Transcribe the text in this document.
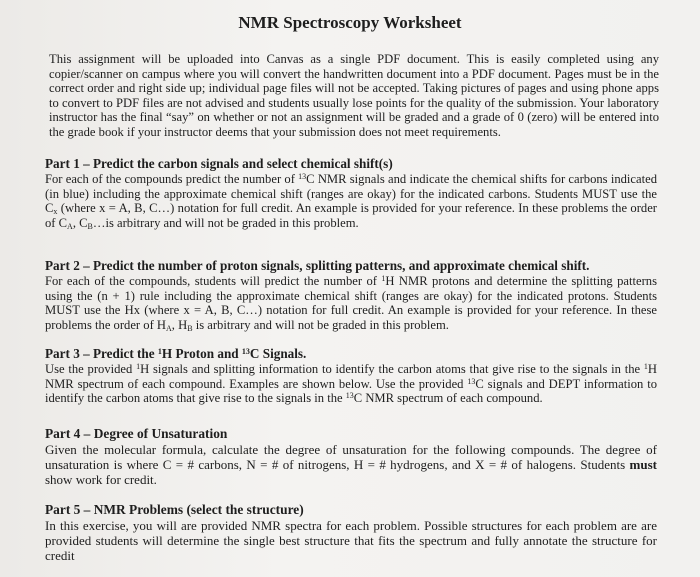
NMR Spectroscopy Worksheet

This assignment will be uploaded into Canvas as a single PDF document. This is easily completed using any copier/scanner on campus where you will convert the handwritten document into a PDF document. Pages must be in the correct order and right side up; individual page files will not be accepted. Taking pictures of pages and using phone apps to convert to PDF files are not advised and students usually lose points for the quality of the submission. Your laboratory instructor has the final “say” on whether or not an assignment will be graded and a grade of 0 (zero) will be entered into the grade book if your instructor deems that your submission does not meet requirements.

Part 1 – Predict the carbon signals and select chemical shift(s)

For each of the compounds predict the number of $^{13}$C NMR signals and indicate the chemical shifts for carbons indicated (in blue) including the approximate chemical shift (ranges are okay) for the indicated carbons. Students MUST use the $C_x$ (where x = A, B, C…) notation for full credit. An example is provided for your reference. In these problems the order of $C_A$, $C_B\dots is$ arbitrary and will not be graded in this problem.

Part 2 – Predict the number of proton signals, splitting patterns, and approximate chemical shift.

For each of the compounds, students will predict the number of $^1$H NMR protons and determine the splitting patterns using the (n + 1) rule including the approximate chemical shift (ranges are okay) for the indicated protons. Students MUST use the Hx (where x = A, B, C…) notation for full credit. An example is provided for your reference. In these problems the order of $H_A$, $H_B$ is arbitrary and will not be graded in this problem.

Part 3 – Predict the $^1$H Proton and $^{13}$C Signals.

Use the provided $^1$H signals and splitting information to identify the carbon atoms that give rise to the signals in the $^1$H NMR spectrum of each compound. Examples are shown below. Use the provided $^{13}$C signals and DEPT information to identify the carbon atoms that give rise to the signals in the $^{13}$C NMR spectrum of each compound.

Part 4 – Degree of Unsaturation

Given the molecular formula, calculate the degree of unsaturation for the following compounds. The degree of unsaturation is where C = # carbons, N = # of nitrogens, H = # hydrogens, and X = # of halogens. Students must show work for credit.

Part 5 – NMR Problems (select the structure)

In this exercise, you will are provided NMR spectra for each problem. Possible structures for each problem are are provided students will determine the single best structure that fits the spectrum and fully annotate the structure for credit
